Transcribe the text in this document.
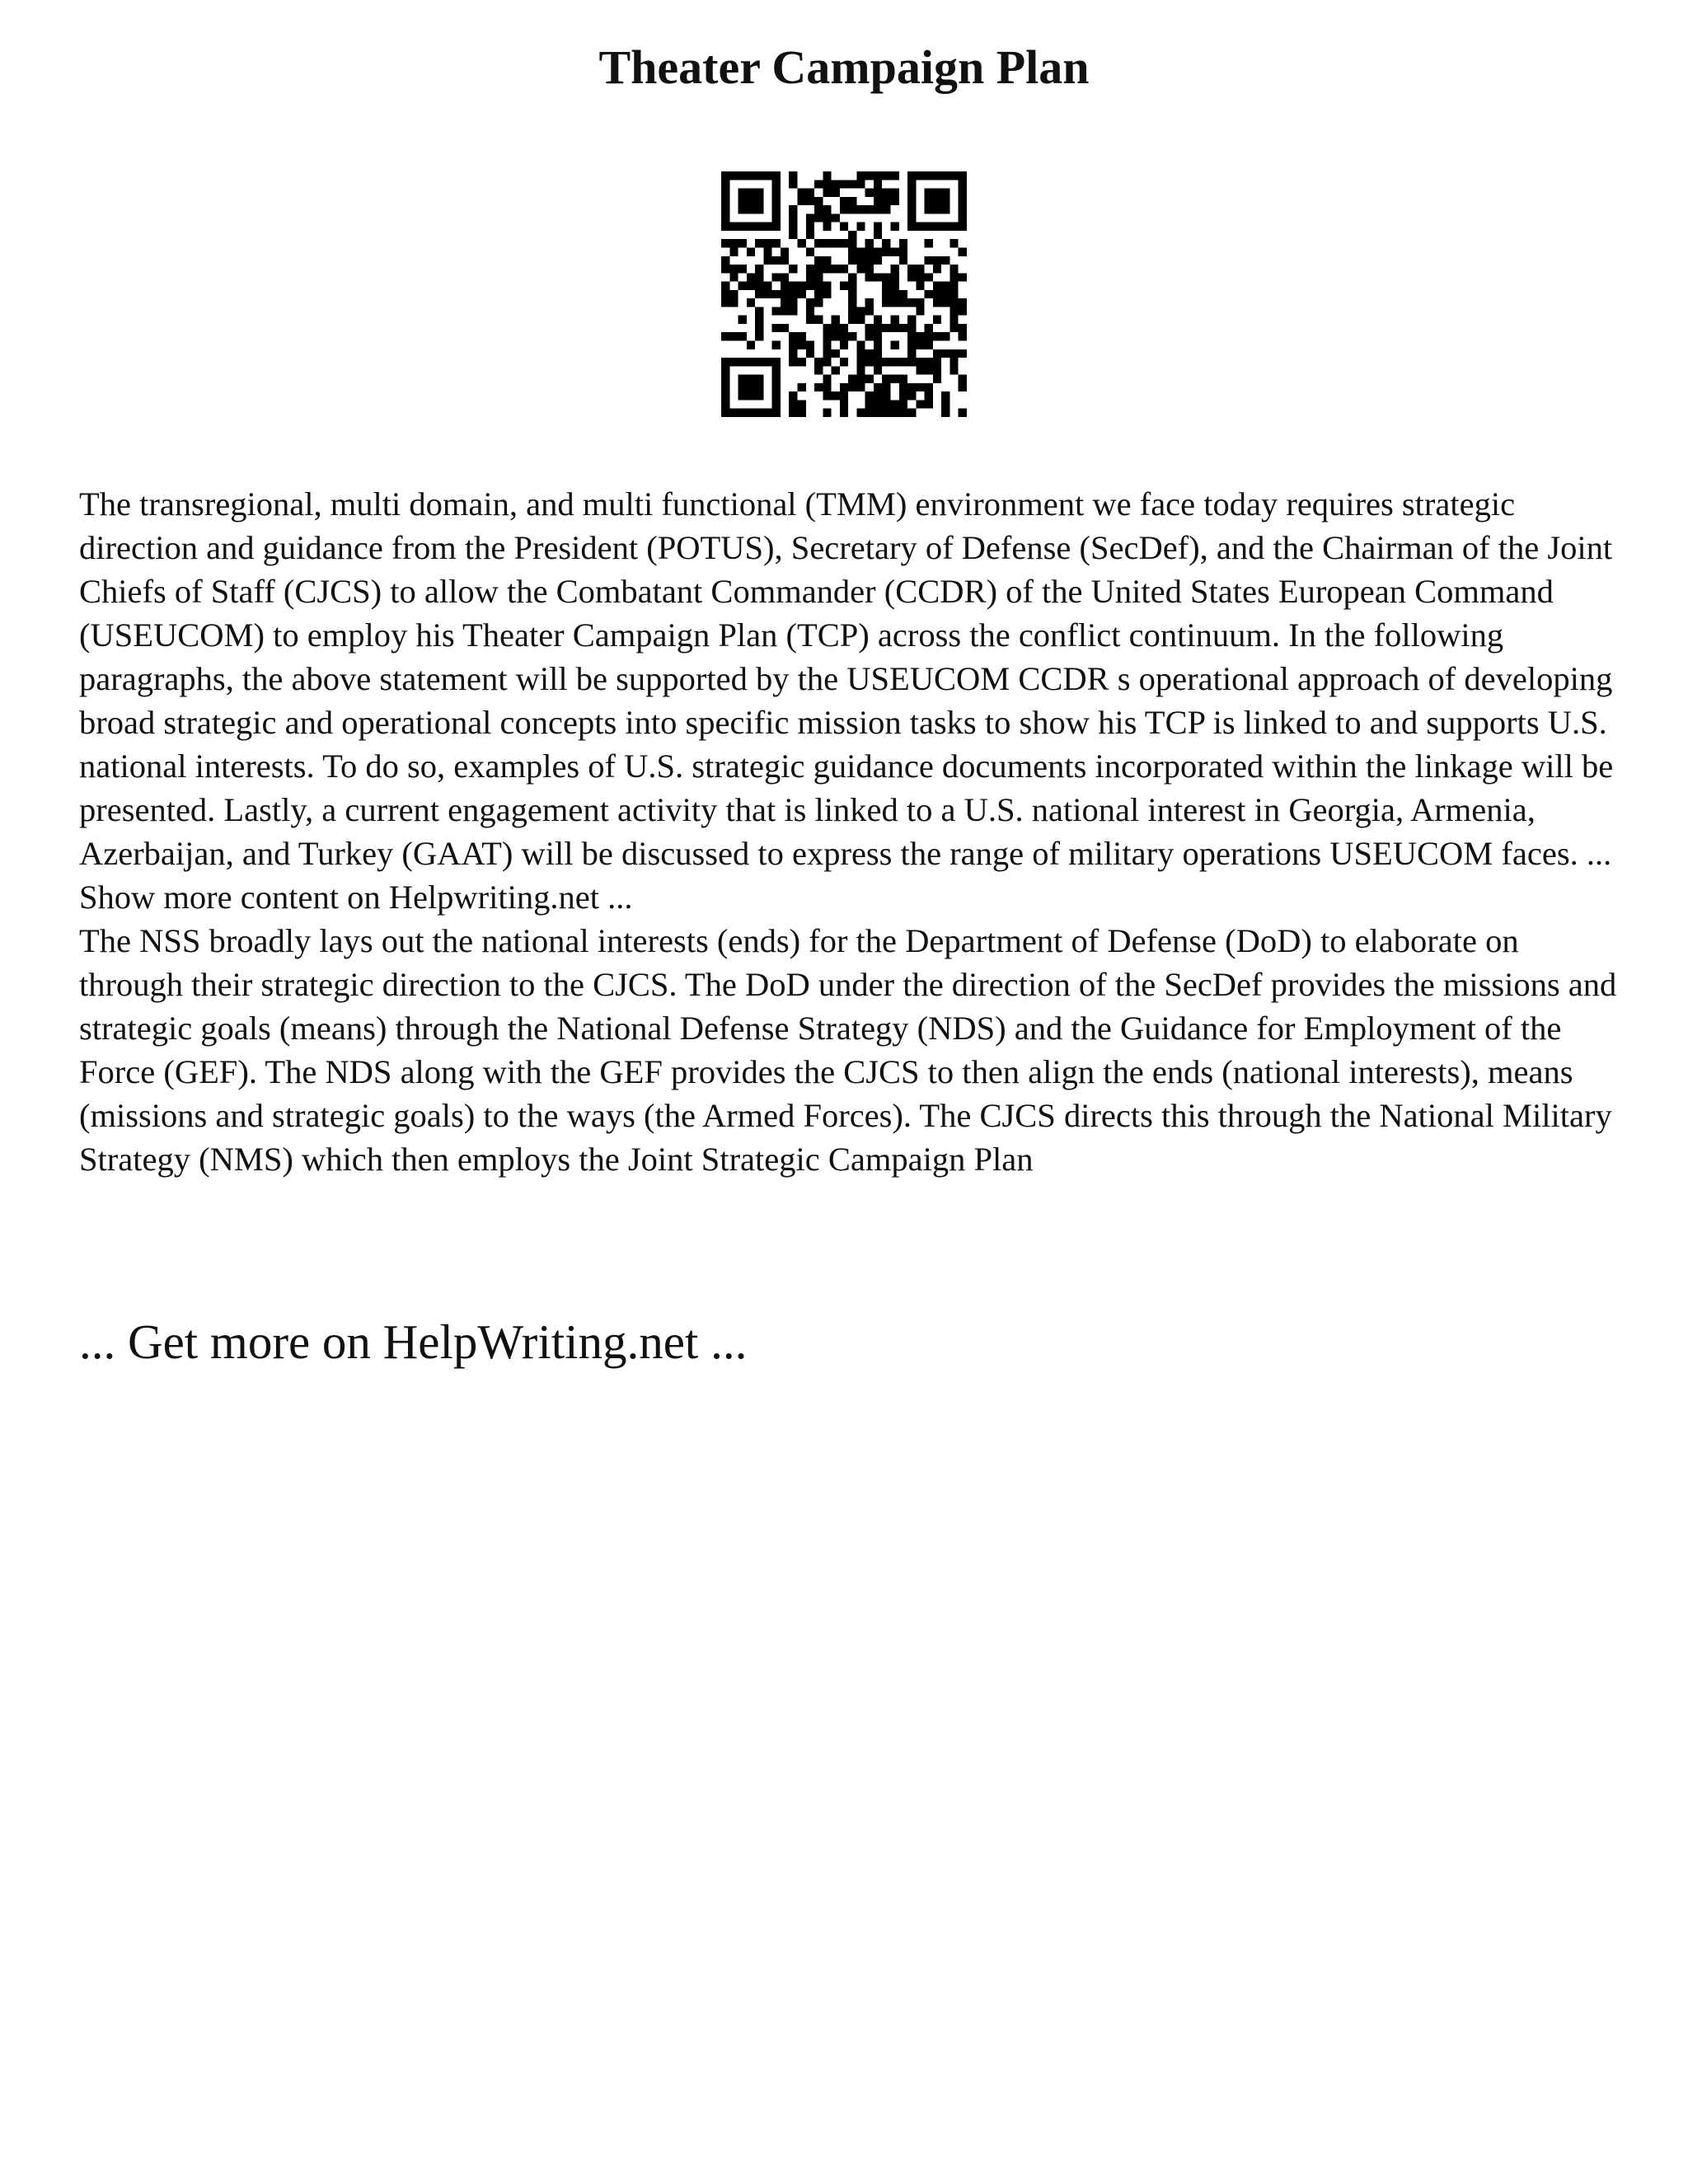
Theater Campaign Plan

The transregional, multi domain, and multi functional (TMM) environment we face today requires strategic direction and guidance from the President (POTUS), Secretary of Defense (SecDef), and the Chairman of the Joint Chiefs of Staff (CJCS) to allow the Combatant Commander (CCDR) of the United States European Command (USEUCOM) to employ his Theater Campaign Plan (TCP) across the conflict continuum. In the following paragraphs, the above statement will be supported by the USEUCOM CCDR s operational approach of developing broad strategic and operational concepts into specific mission tasks to show his TCP is linked to and supports U.S. national interests. To do so, examples of U.S. strategic guidance documents incorporated within the linkage will be presented. Lastly, a current engagement activity that is linked to a U.S. national interest in Georgia, Armenia, Azerbaijan, and Turkey (GAAT) will be discussed to express the range of military operations USEUCOM faces. ... Show more content on Helpwriting.net ...

The NSS broadly lays out the national interests (ends) for the Department of Defense (DoD) to elaborate on through their strategic direction to the CJCS. The DoD under the direction of the SecDef provides the missions and strategic goals (means) through the National Defense Strategy (NDS) and the Guidance for Employment of the Force (GEF). The NDS along with the GEF provides the CJCS to then align the ends (national interests), means (missions and strategic goals) to the ways (the Armed Forces). The CJCS directs this through the National Military Strategy (NMS) which then employs the Joint Strategic Campaign Plan

... Get more on HelpWriting.net ...
